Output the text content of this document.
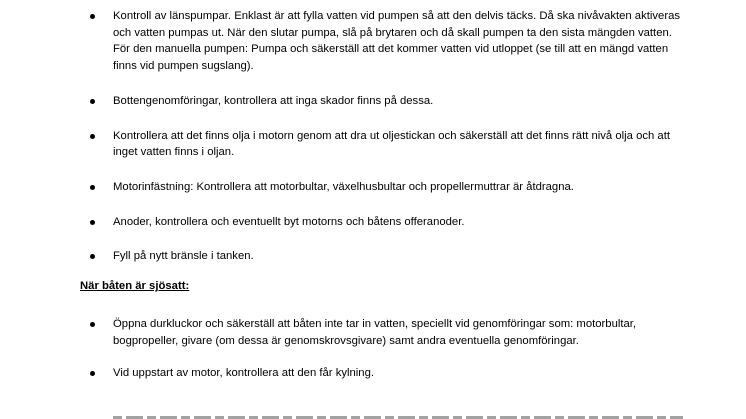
Kontroll av länspumpar. Enklast är att fylla vatten vid pumpen så att den delvis täcks. Då ska nivåvakten aktiveras och vatten pumpas ut. När den slutar pumpa, slå på brytaren och då skall pumpen ta den sista mängden vatten. För den manuella pumpen: Pumpa och säkerställ att det kommer vatten vid utloppet (se till att en mängd vatten finns vid pumpen sugslang).
Bottengenomföringar, kontrollera att inga skador finns på dessa.
Kontrollera att det finns olja i motorn genom att dra ut oljestickan och säkerställ att det finns rätt nivå olja och att inget vatten finns i oljan.
Motorinfästning: Kontrollera att motorbultar, växelhusbultar och propellermuttrar är åtdragna.
Anoder, kontrollera och eventuellt byt motorns och båtens offeranoder.
Fyll på nytt bränsle i tanken.
När båten är sjösatt:
Öppna durkluckor och säkerställ att båten inte tar in vatten, speciellt vid genomföringar som: motorbultar, bogpropeller, givare (om dessa är genomskrovsgivare) samt andra eventuella genomföringar.
Vid uppstart av motor, kontrollera att den får kylning.
